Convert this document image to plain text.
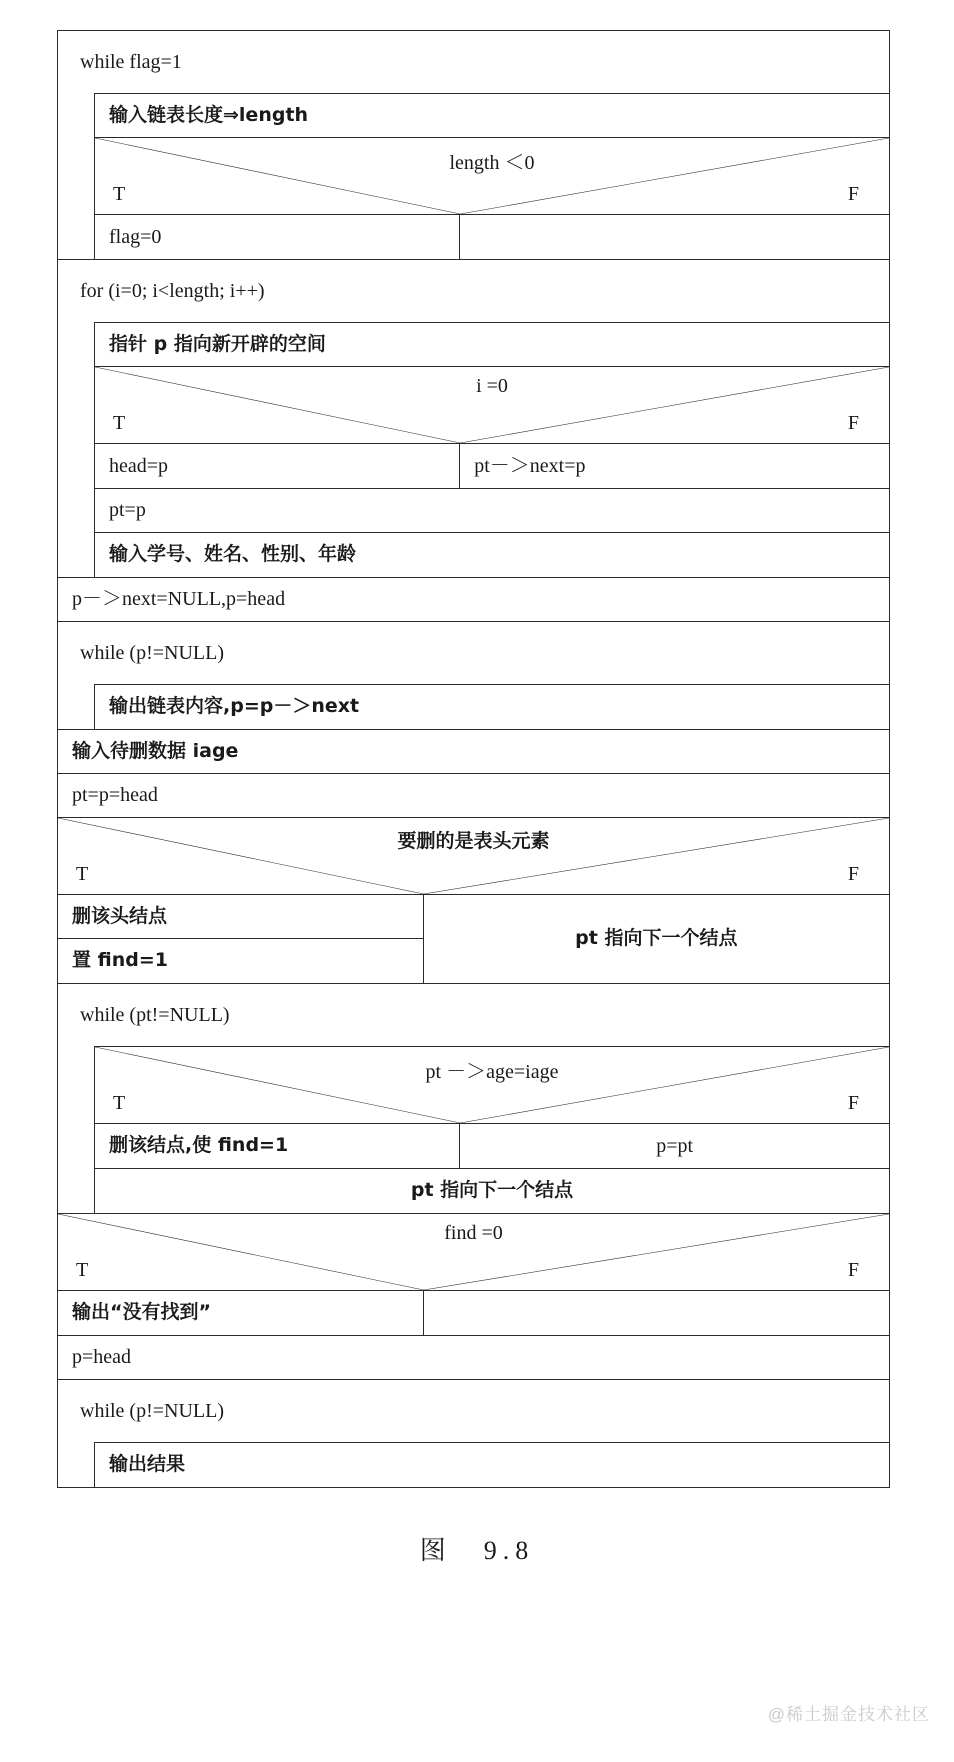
while flag=1
输入链表长度⇒length
length ＜0
T	F
flag=0
for (i=0; i<length; i++)
指针 p 指向新开辟的空间
i =0
T	F
head=p	pt－＞next=p
pt=p
输入学号、姓名、性别、年龄
p－＞next=NULL,p=head
while (p!=NULL)
输出链表内容,p=p－＞next
输入待删数据 iage
pt=p=head
要删的是表头元素
T	F
删该头结点
置 find=1
pt 指向下一个结点
while (pt!=NULL)
pt －＞age=iage
T	F
删该结点,使 find=1	p=pt
pt 指向下一个结点
find =0
T	F
输出“没有找到”
p=head
while (p!=NULL)
输出结果
图　9.8
@稀土掘金技术社区
